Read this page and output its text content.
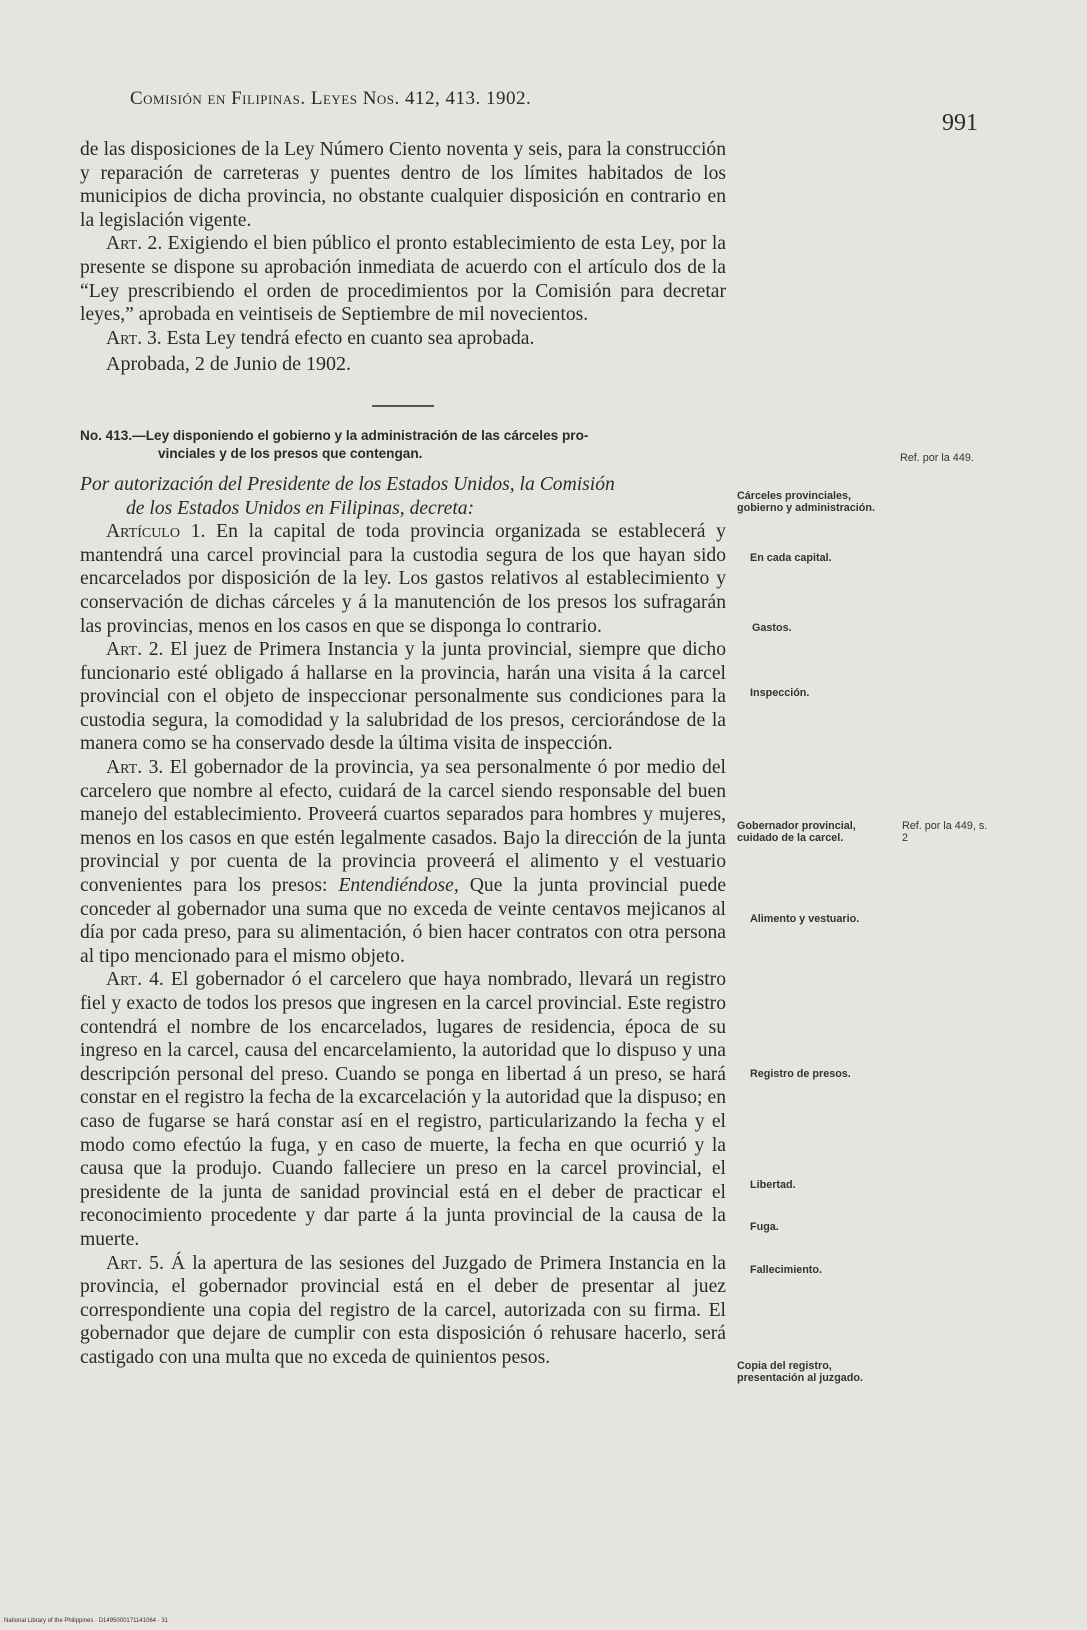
Comisión en Filipinas. Leyes Nos. 412, 413. 1902.
991

de las disposiciones de la Ley Número Ciento noventa y seis, para la construcción y reparación de carreteras y puentes dentro de los límites habitados de los municipios de dicha provincia, no obstante cualquier disposición en contrario en la legislación vigente.

Art. 2. Exigiendo el bien público el pronto establecimiento de esta Ley, por la presente se dispone su aprobación inmediata de acuerdo con el artículo dos de la “Ley prescribiendo el orden de procedimientos por la Comisión para decretar leyes,” aprobada en veintiseis de Septiembre de mil novecientos.

Art. 3. Esta Ley tendrá efecto en cuanto sea aprobada.

Aprobada, 2 de Junio de 1902.

No. 413.—Ley disponiendo el gobierno y la administración de las cárceles pro-
vinciales y de los presos que contengan.

Por autorización del Presidente de los Estados Unidos, la Comisión
de los Estados Unidos en Filipinas, decreta:

Artículo 1. En la capital de toda provincia organizada se establecerá y mantendrá una carcel provincial para la custodia segura de los que hayan sido encarcelados por disposición de la ley. Los gastos relativos al establecimiento y conservación de dichas cárceles y á la manutención de los presos los sufragarán las provincias, menos en los casos en que se disponga lo contrario.

Art. 2. El juez de Primera Instancia y la junta provincial, siempre que dicho funcionario esté obligado á hallarse en la provincia, harán una visita á la carcel provincial con el objeto de inspeccionar personalmente sus condiciones para la custodia segura, la comodidad y la salubridad de los presos, cerciorándose de la manera como se ha conservado desde la última visita de inspección.

Art. 3. El gobernador de la provincia, ya sea personalmente ó por medio del carcelero que nombre al efecto, cuidará de la carcel siendo responsable del buen manejo del establecimiento. Proveerá cuartos separados para hombres y mujeres, menos en los casos en que estén legalmente casados. Bajo la dirección de la junta provincial y por cuenta de la provincia proveerá el alimento y el vestuario convenientes para los presos: Entendiéndose, Que la junta provincial puede conceder al gobernador una suma que no exceda de veinte centavos mejicanos al día por cada preso, para su alimentación, ó bien hacer contratos con otra persona al tipo mencionado para el mismo objeto.

Art. 4. El gobernador ó el carcelero que haya nombrado, llevará un registro fiel y exacto de todos los presos que ingresen en la carcel provincial. Este registro contendrá el nombre de los encarcelados, lugares de residencia, época de su ingreso en la carcel, causa del encarcelamiento, la autoridad que lo dispuso y una descripción personal del preso. Cuando se ponga en libertad á un preso, se hará constar en el registro la fecha de la excarcelación y la autoridad que la dispuso; en caso de fugarse se hará constar así en el registro, particularizando la fecha y el modo como efectúo la fuga, y en caso de muerte, la fecha en que ocurrió y la causa que la produjo. Cuando falleciere un preso en la carcel provincial, el presidente de la junta de sanidad provincial está en el deber de practicar el reconocimiento procedente y dar parte á la junta provincial de la causa de la muerte.

Art. 5. Á la apertura de las sesiones del Juzgado de Primera Instancia en la provincia, el gobernador provincial está en el deber de presentar al juez correspondiente una copia del registro de la carcel, autorizada con su firma. El gobernador que dejare de cumplir con esta disposición ó rehusare hacerlo, será castigado con una multa que no exceda de quinientos pesos.

Ref. por la 449.
Cárceles provinciales, gobierno y administración.
En cada capital.
Gastos.
Inspección.
Gobernador provincial, cuidado de la carcel.
Ref. por la 449, s. 2
Alimento y vestuario.
Registro de presos.
Libertad.
Fuga.
Fallecimiento.
Copia del registro, presentación al juzgado.
National Library of the Philippines · D1495000171141064 · 31
